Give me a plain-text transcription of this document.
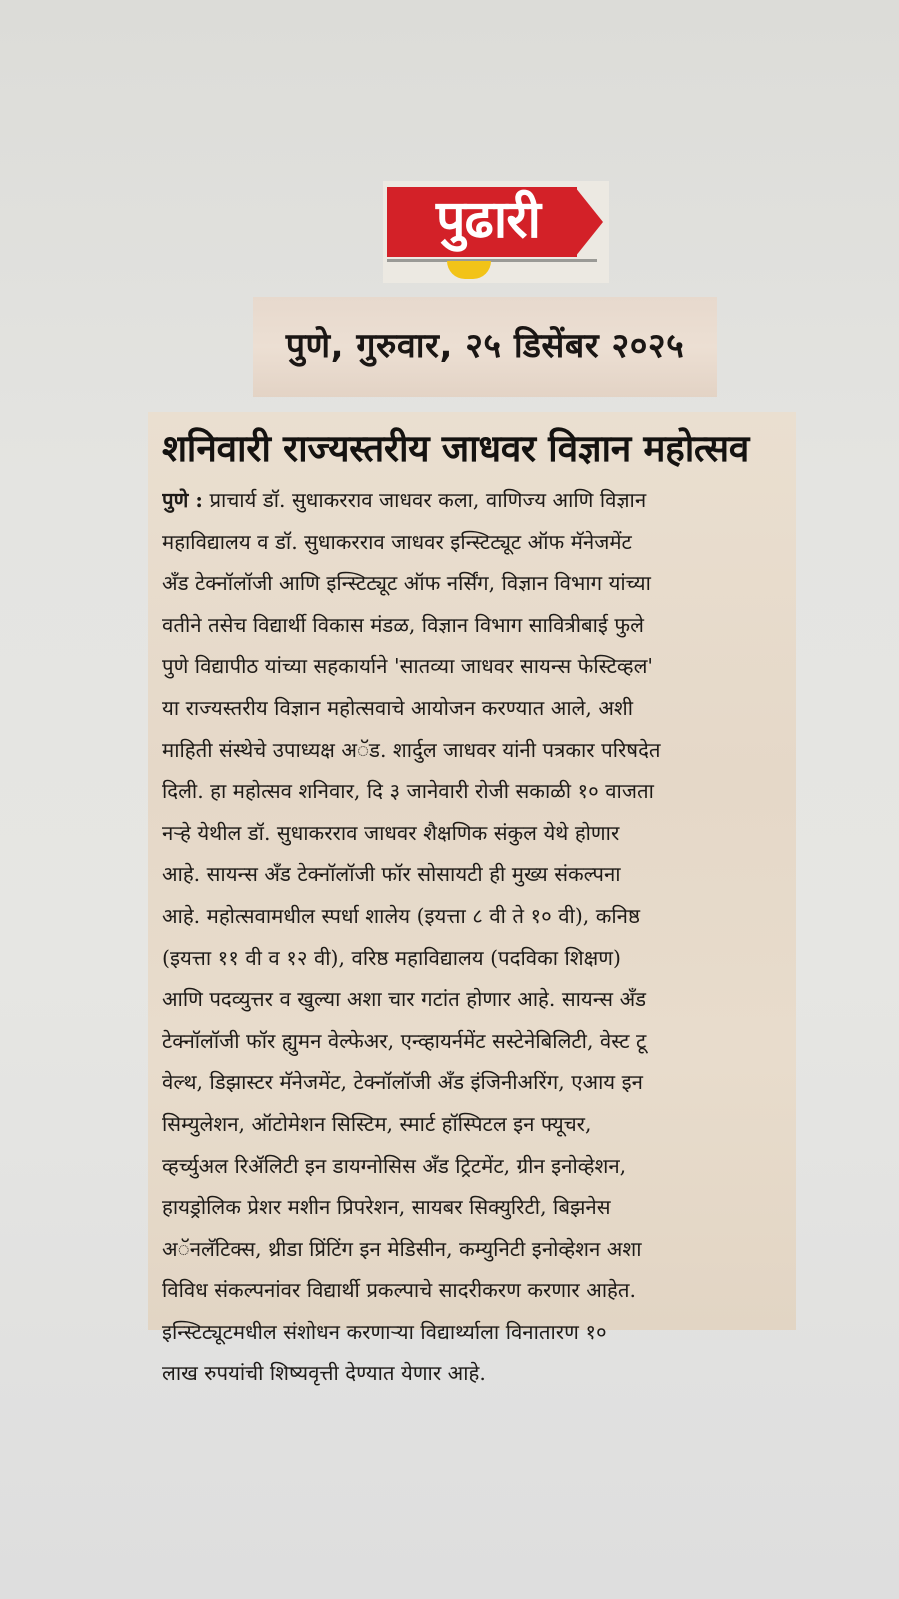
पुढारी
पुणे, गुरुवार, २५ डिसेंबर २०२५
शनिवारी राज्यस्तरीय जाधवर विज्ञान महोत्सव
पुणे : प्राचार्य डॉ. सुधाकरराव जाधवर कला, वाणिज्य आणि विज्ञान
महाविद्यालय व डॉ. सुधाकरराव जाधवर इन्स्टिट्यूट ऑफ मॅनेजमेंट
अँड टेक्नॉलॉजी आणि इन्स्टिट्यूट ऑफ नर्सिंग, विज्ञान विभाग यांच्या
वतीने तसेच विद्यार्थी विकास मंडळ, विज्ञान विभाग सावित्रीबाई फुले
पुणे विद्यापीठ यांच्या सहकार्याने 'सातव्या जाधवर सायन्स फेस्टिव्हल'
या राज्यस्तरीय विज्ञान महोत्सवाचे आयोजन करण्यात आले, अशी
माहिती संस्थेचे उपाध्यक्ष अॅड. शार्दुल जाधवर यांनी पत्रकार परिषदेत
दिली. हा महोत्सव शनिवार, दि ३ जानेवारी रोजी सकाळी १० वाजता
नऱ्हे येथील डॉ. सुधाकरराव जाधवर शैक्षणिक संकुल येथे होणार
आहे. सायन्स अँड टेक्नॉलॉजी फॉर सोसायटी ही मुख्य संकल्पना
आहे. महोत्सवामधील स्पर्धा शालेय (इयत्ता ८ वी ते १० वी), कनिष्ठ
(इयत्ता ११ वी व १२ वी), वरिष्ठ महाविद्यालय (पदविका शिक्षण)
आणि पदव्युत्तर व खुल्या अशा चार गटांत होणार आहे. सायन्स अँड
टेक्नॉलॉजी फॉर ह्युमन वेल्फेअर, एन्व्हायर्नमेंट सस्टेनेबिलिटी, वेस्ट टू
वेल्थ, डिझास्टर मॅनेजमेंट, टेक्नॉलॉजी अँड इंजिनीअरिंग, एआय इन
सिम्युलेशन, ऑटोमेशन सिस्टिम, स्मार्ट हॉस्पिटल इन फ्यूचर,
व्हर्च्युअल रिॲलिटी इन डायग्नोसिस अँड ट्रिटमेंट, ग्रीन इनोव्हेशन,
हायड्रोलिक प्रेशर मशीन प्रिपरेशन, सायबर सिक्युरिटी, बिझनेस
अॅनलॅटिक्स, थ्रीडा प्रिंटिंग इन मेडिसीन, कम्युनिटी इनोव्हेशन अशा
विविध संकल्पनांवर विद्यार्थी प्रकल्पाचे सादरीकरण करणार आहेत.
इन्स्टिट्यूटमधील संशोधन करणाऱ्या विद्यार्थ्याला विनातारण १०
लाख रुपयांची शिष्यवृत्ती देण्यात येणार आहे.
